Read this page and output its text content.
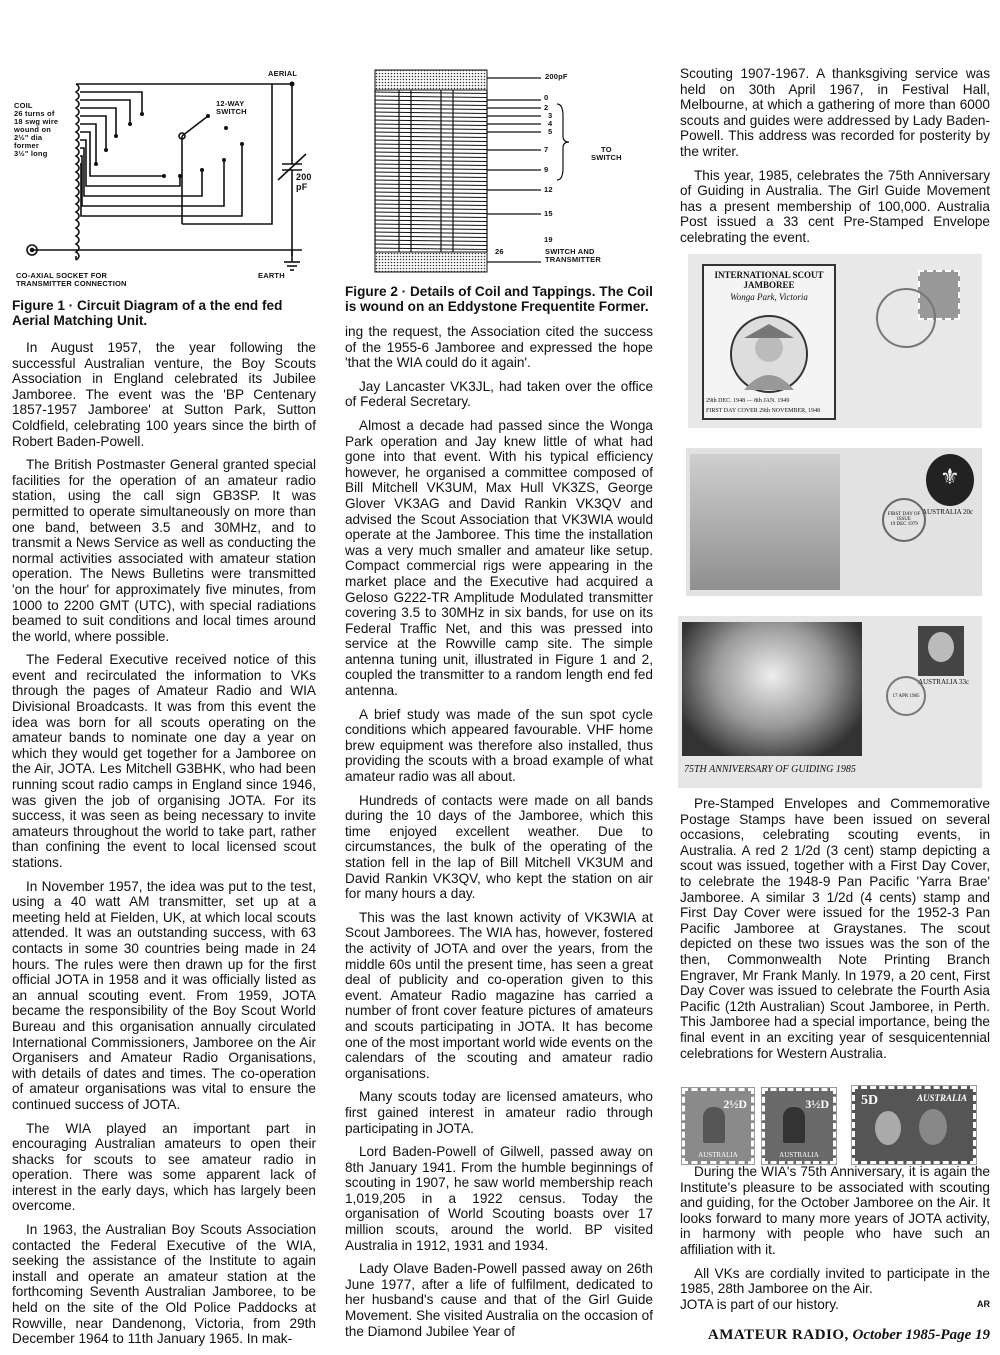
AERIAL
COIL
26 turns of
18 swg wire
wound on
2½" dia
former
3½" long
12-WAY
SWITCH
200
pF
EARTH
CO-AXIAL SOCKET FOR
TRANSMITTER CONNECTION

Figure 1 · Circuit Diagram of a the end fed Aerial Matching Unit.

In August 1957, the year following the successful Australian venture, the Boy Scouts Association in England celebrated its Jubilee Jamboree. The event was the 'BP Centenary 1857-1957 Jamboree' at Sutton Park, Sutton Coldfield, celebrating 100 years since the birth of Robert Baden-Powell.

The British Postmaster General granted special facilities for the operation of an amateur radio station, using the call sign GB3SP. It was permitted to operate simultaneously on more than one band, between 3.5 and 30MHz, and to transmit a News Service as well as conducting the normal activities associated with amateur station operation. The News Bulletins were transmitted 'on the hour' for approximately five minutes, from 1000 to 2200 GMT (UTC), with special radiations beamed to suit conditions and local times around the world, where possible.

The Federal Executive received notice of this event and recirculated the information to VKs through the pages of Amateur Radio and WIA Divisional Broadcasts. It was from this event the idea was born for all scouts operating on the amateur bands to nominate one day a year on which they would get together for a Jamboree on the Air, JOTA. Les Mitchell G3BHK, who had been running scout radio camps in England since 1946, was given the job of organising JOTA. For its success, it was seen as being necessary to invite amateurs throughout the world to take part, rather than confining the event to local licensed scout stations.

In November 1957, the idea was put to the test, using a 40 watt AM transmitter, set up at a meeting held at Fielden, UK, at which local scouts attended. It was an outstanding success, with 63 contacts in some 30 countries being made in 24 hours. The rules were then drawn up for the first official JOTA in 1958 and it was officially listed as an annual scouting event. From 1959, JOTA became the responsibility of the Boy Scout World Bureau and this organisation annually circulated International Commissioners, Jamboree on the Air Organisers and Amateur Radio Organisations, with details of dates and times. The co-operation of amateur organisations was vital to ensure the continued success of JOTA.

The WIA played an important part in encouraging Australian amateurs to open their shacks for scouts to see amateur radio in operation. There was some apparent lack of interest in the early days, which has largely been overcome.

In 1963, the Australian Boy Scouts Association contacted the Federal Executive of the WIA, seeking the assistance of the Institute to again install and operate an amateur station at the forthcoming Seventh Australian Jamboree, to be held on the site of the Old Police Paddocks at Rowville, near Dandenong, Victoria, from 29th December 1964 to 11th January 1965. In mak-

200pF
0
2
3
4
5
7
9
12
15
19
TO
SWITCH
26	SWITCH AND
TRANSMITTER

Figure 2 · Details of Coil and Tappings. The Coil is wound on an Eddystone Frequentite Former.

ing the request, the Association cited the success of the 1955-6 Jamboree and expressed the hope 'that the WIA could do it again'.

Jay Lancaster VK3JL, had taken over the office of Federal Secretary.

Almost a decade had passed since the Wonga Park operation and Jay knew little of what had gone into that event. With his typical efficiency however, he organised a committee composed of Bill Mitchell VK3UM, Max Hull VK3ZS, George Glover VK3AG and David Rankin VK3QV and advised the Scout Association that VK3WIA would operate at the Jamboree. This time the installation was a very much smaller and amateur like setup. Compact commercial rigs were appearing in the market place and the Executive had acquired a Geloso G222-TR Amplitude Modulated transmitter covering 3.5 to 30MHz in six bands, for use on its Federal Traffic Net, and this was pressed into service at the Rowville camp site. The simple antenna tuning unit, illustrated in Figure 1 and 2, coupled the transmitter to a random length end fed antenna.

A brief study was made of the sun spot cycle conditions which appeared favourable. VHF home brew equipment was therefore also installed, thus providing the scouts with a broad example of what amateur radio was all about.

Hundreds of contacts were made on all bands during the 10 days of the Jamboree, which this time enjoyed excellent weather. Due to circumstances, the bulk of the operating of the station fell in the lap of Bill Mitchell VK3UM and David Rankin VK3QV, who kept the station on air for many hours a day.

This was the last known activity of VK3WIA at Scout Jamborees. The WIA has, however, fostered the activity of JOTA and over the years, from the middle 60s until the present time, has seen a great deal of publicity and co-operation given to this event. Amateur Radio magazine has carried a number of front cover feature pictures of amateurs and scouts participating in JOTA. It has become one of the most important world wide events on the calendars of the scouting and amateur radio organisations.

Many scouts today are licensed amateurs, who first gained interest in amateur radio through participating in JOTA.

Lord Baden-Powell of Gilwell, passed away on 8th January 1941. From the humble beginnings of scouting in 1907, he saw world membership reach 1,019,205 in a 1922 census. Today the organisation of World Scouting boasts over 17 million scouts, around the world. BP visited Australia in 1912, 1931 and 1934.

Lady Olave Baden-Powell passed away on 26th June 1977, after a life of fulfilment, dedicated to her husband's cause and that of the Girl Guide Movement. She visited Australia on the occasion of the Diamond Jubilee Year of

Scouting 1907-1967. A thanksgiving service was held on 30th April 1967, in Festival Hall, Melbourne, at which a gathering of more than 6000 scouts and guides were addressed by Lady Baden-Powell. This address was recorded for posterity by the writer.

This year, 1985, celebrates the 75th Anniversary of Guiding in Australia. The Girl Guide Movement has a present membership of 100,000. Australia Post issued a 33 cent Pre-Stamped Envelope celebrating the event.

INTERNATIONAL SCOUT
JAMBOREE
Wonga Park, Victoria
29th DEC. 1948 — 8th JAN. 1949
FIRST DAY COVER 29th NOVEMBER, 1948
⚜
AUSTRALIA 20c
FIRST DAY OF ISSUE
19 DEC 1979
AUSTRALIA 33c
17 APR 1985
75TH ANNIVERSARY OF GUIDING 1985

Pre-Stamped Envelopes and Commemorative Postage Stamps have been issued on several occasions, celebrating scouting events, in Australia. A red 2 1/2d (3 cent) stamp depicting a scout was issued, together with a First Day Cover, to celebrate the 1948-9 Pan Pacific 'Yarra Brae' Jamboree. A similar 3 1/2d (4 cents) stamp and First Day Cover were issued for the 1952-3 Pan Pacific Jamboree at Graystanes. The scout depicted on these two issues was the son of the then, Commonwealth Note Printing Branch Engraver, Mr Frank Manly. In 1979, a 20 cent, First Day Cover was issued to celebrate the Fourth Asia Pacific (12th Australian) Scout Jamboree, in Perth. This Jamboree had a special importance, being the final event in an exciting year of sesquicentennial celebrations for Western Australia.

2½D
AUSTRALIA
3½D
AUSTRALIA
5D	AUSTRALIA

During the WIA's 75th Anniversary, it is again the Institute's pleasure to be associated with scouting and guiding, for the October Jamboree on the Air. It looks forward to many more years of JOTA activity, in harmony with people who have such an affiliation with it.

All VKs are cordially invited to participate in the 1985, 28th Jamboree on the Air.

JOTA is part of our history.	AR

AMATEUR RADIO, October 1985-Page 19
